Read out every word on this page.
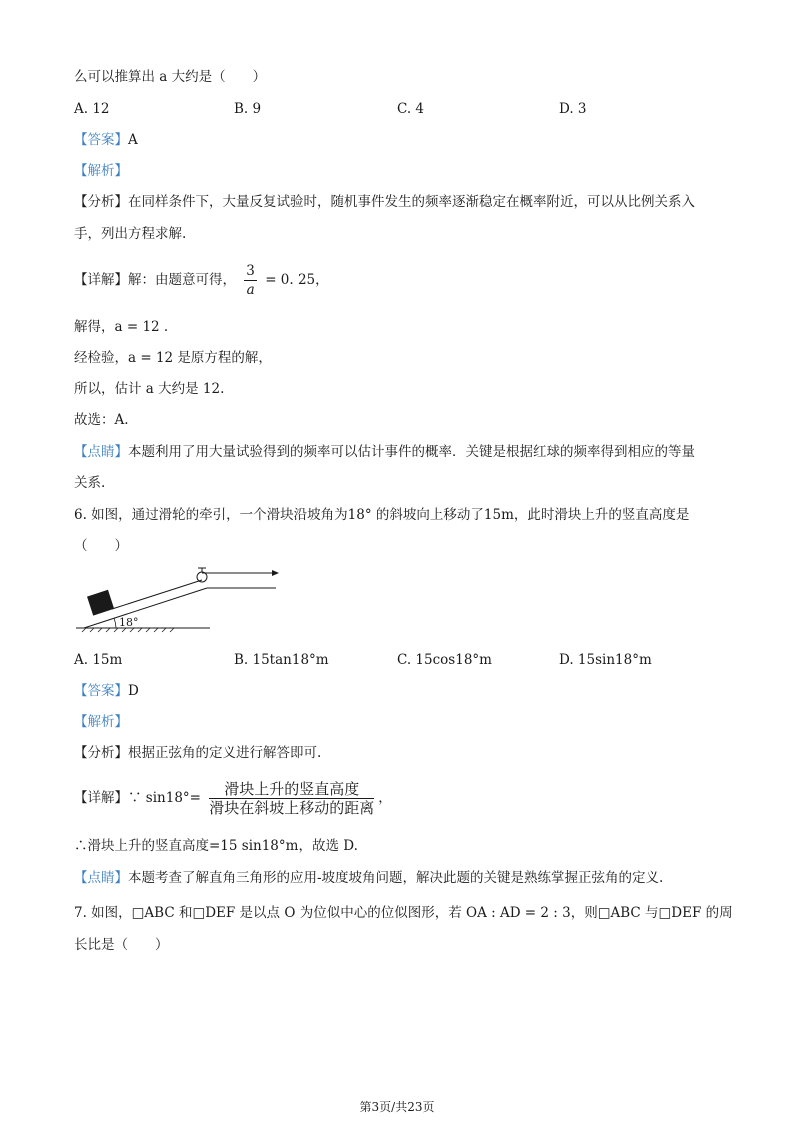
么可以推算出 a 大约是（　　）
A. 12	B. 9	C. 4	D. 3
【答案】A
【解析】
【分析】在同样条件下，大量反复试验时，随机事件发生的频率逐渐稳定在概率附近，可以从比例关系入
手，列出方程求解.
【详解】解：由题意可得， $\frac{3}{a} = 0$. 25，
解得，a = 12 .
经检验，a = 12 是原方程的解，
所以，估计 a 大约是 12.
故选：A.
【点睛】本题利用了用大量试验得到的频率可以估计事件的概率．关键是根据红球的频率得到相应的等量
关系.
6. 如图，通过滑轮的牵引，一个滑块沿坡角为18° 的斜坡向上移动了15m，此时滑块上升的竖直高度是
（　　）
18°
A. 15m	B. 15tan18°m	C. 15cos18°m	D. 15sin18°m
【答案】D
【解析】
【分析】根据正弦角的定义进行解答即可.
【详解】∵ $\sin 18^\circ= \frac{\text{滑块上升的竖直高度}}{\text{滑块在斜坡上移动的距离}}$ ，
∴滑块上升的竖直高度=15 sin18°m，故选 D.
【点睛】本题考查了解直角三角形的应用-坡度坡角问题，解决此题的关键是熟练掌握正弦角的定义.
7. 如图，□ABC 和□DEF 是以点 O 为位似中心的位似图形，若 OA : AD = 2 : 3，则□ABC 与□DEF 的周
长比是（　　）
第3页/共23页
